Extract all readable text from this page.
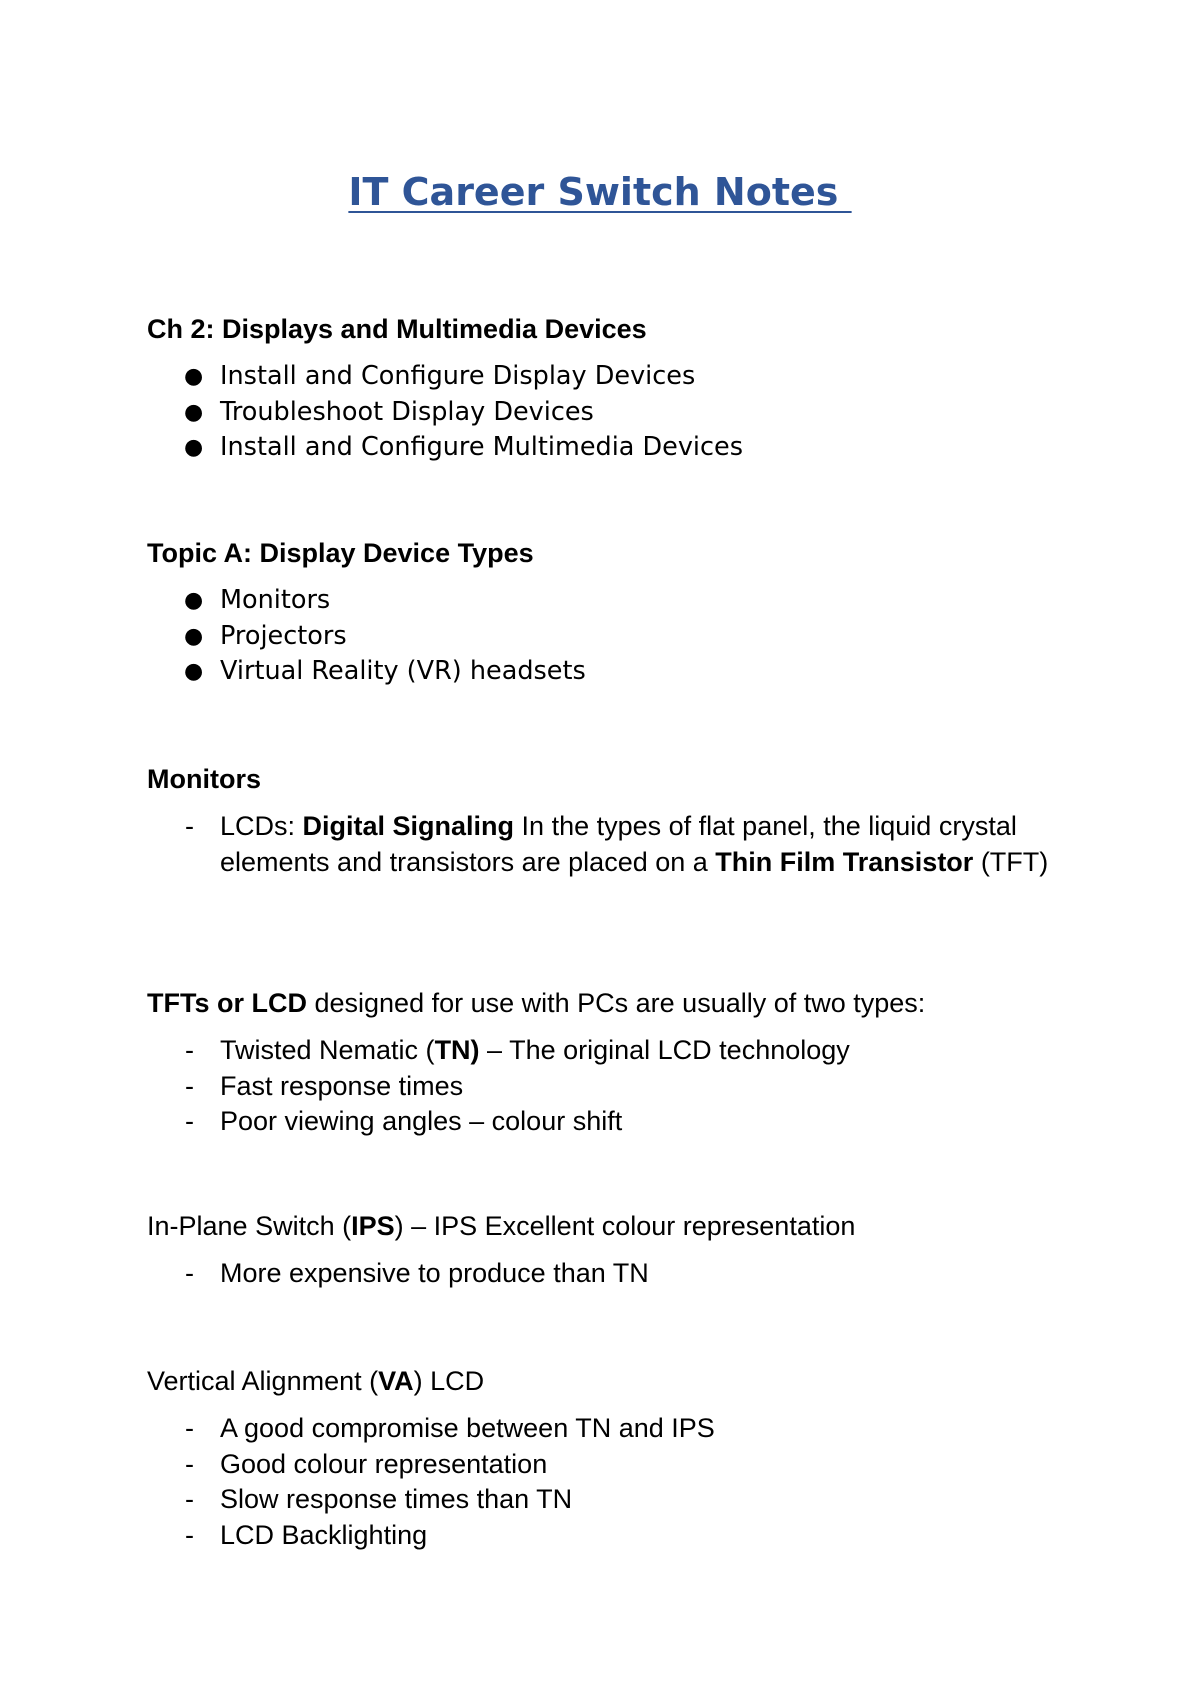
IT Career Switch Notes

Ch 2: Displays and Multimedia Devices

● Install and Configure Display Devices
● Troubleshoot Display Devices
● Install and Configure Multimedia Devices

Topic A: Display Device Types

● Monitors
● Projectors
● Virtual Reality (VR) headsets

Monitors

- LCDs: Digital Signaling In the types of flat panel, the liquid crystal elements and transistors are placed on a Thin Film Transistor (TFT)

TFTs or LCD designed for use with PCs are usually of two types:

- Twisted Nematic (TN) – The original LCD technology
- Fast response times
- Poor viewing angles – colour shift

In-Plane Switch (IPS) – IPS Excellent colour representation

- More expensive to produce than TN

Vertical Alignment (VA) LCD

- A good compromise between TN and IPS
- Good colour representation
- Slow response times than TN
- LCD Backlighting
